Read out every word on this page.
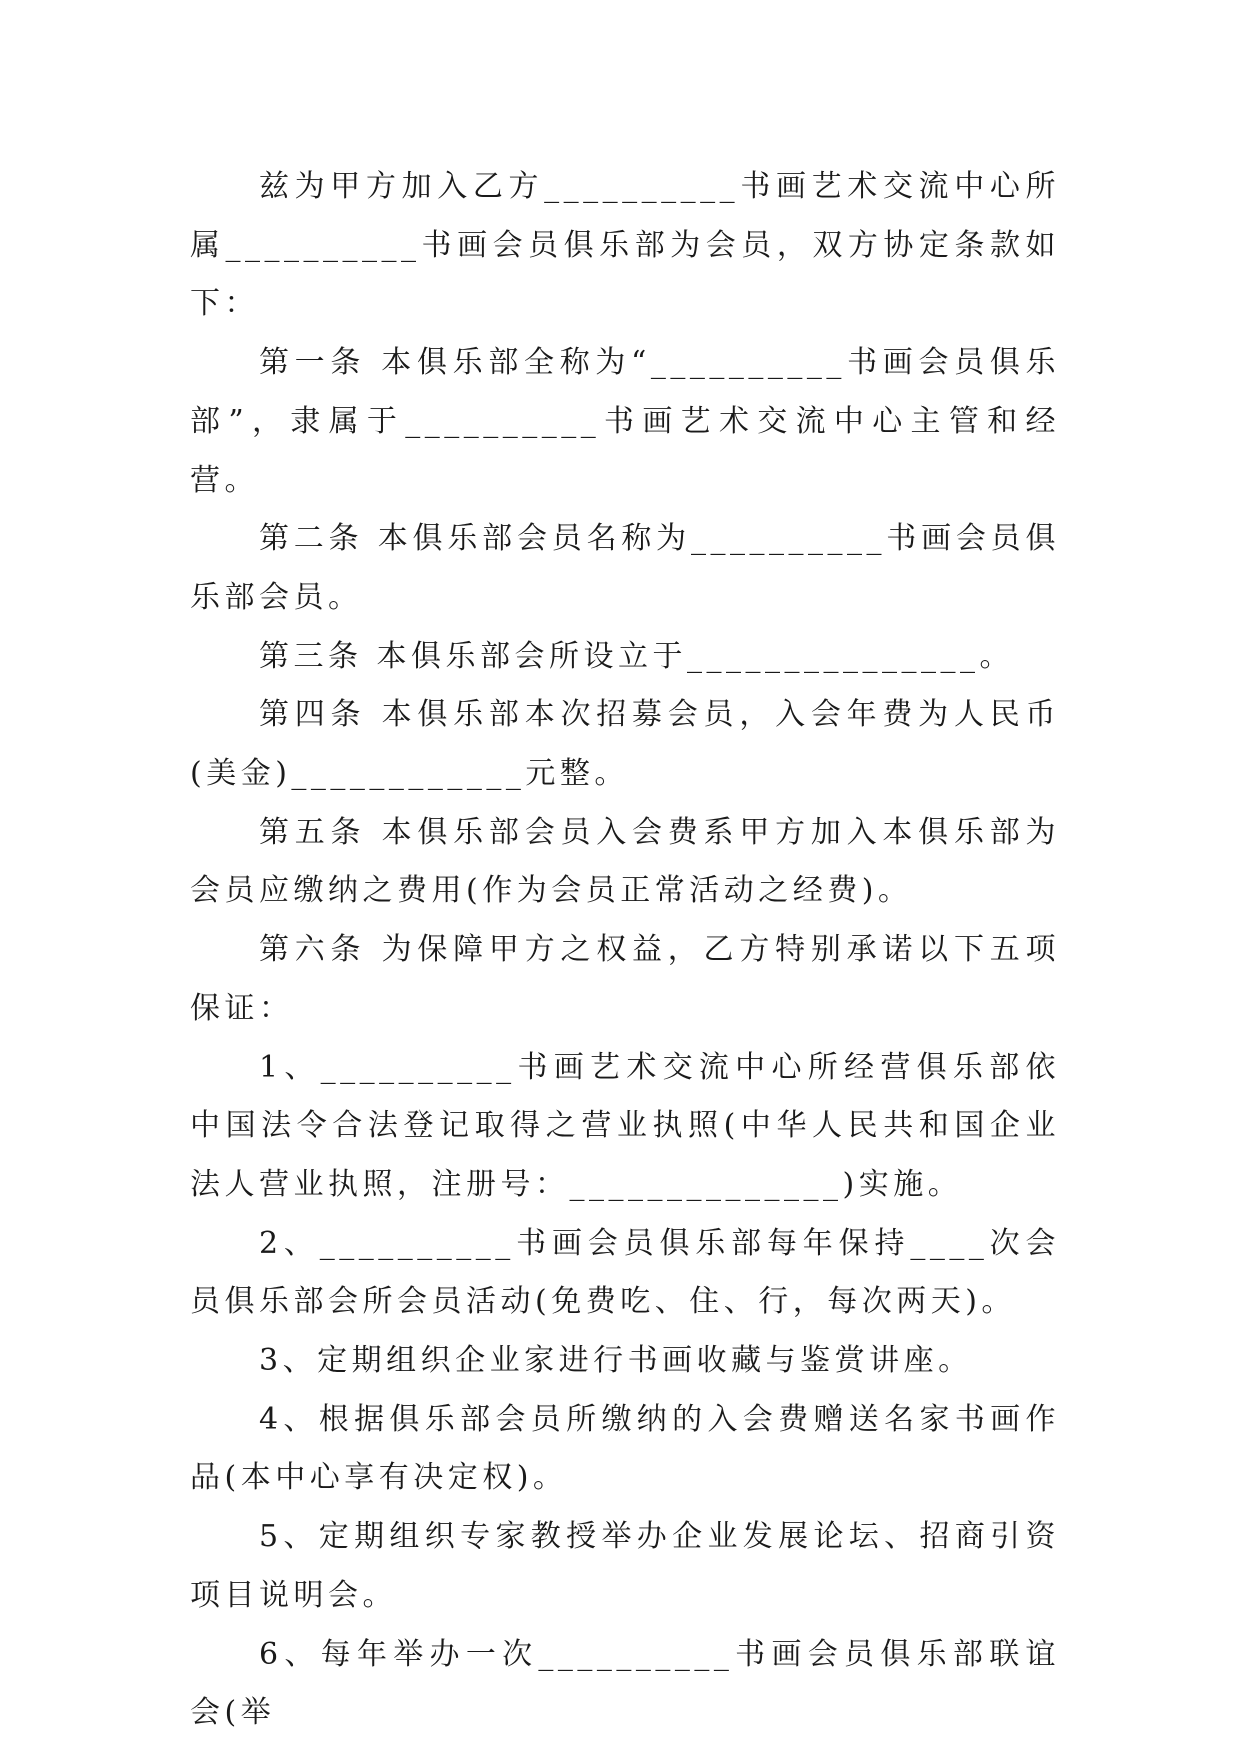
兹为甲方加入乙方__________书画艺术交流中心所属__________书画会员俱乐部为会员，双方协定条款如下：

第一条 本俱乐部全称为“__________书画会员俱乐部”，隶属于__________书画艺术交流中心主管和经营。

第二条 本俱乐部会员名称为__________书画会员俱乐部会员。

第三条 本俱乐部会所设立于_______________。

第四条 本俱乐部本次招募会员，入会年费为人民币(美金)____________元整。

第五条 本俱乐部会员入会费系甲方加入本俱乐部为会员应缴纳之费用(作为会员正常活动之经费)。

第六条 为保障甲方之权益，乙方特别承诺以下五项保证：

1、__________书画艺术交流中心所经营俱乐部依中国法令合法登记取得之营业执照(中华人民共和国企业法人营业执照，注册号：______________)实施。

2、__________书画会员俱乐部每年保持____次会员俱乐部会所会员活动(免费吃、住、行，每次两天)。

3、定期组织企业家进行书画收藏与鉴赏讲座。

4、根据俱乐部会员所缴纳的入会费赠送名家书画作品(本中心享有决定权)。

5、定期组织专家教授举办企业发展论坛、招商引资项目说明会。

6、每年举办一次__________书画会员俱乐部联谊会(举
